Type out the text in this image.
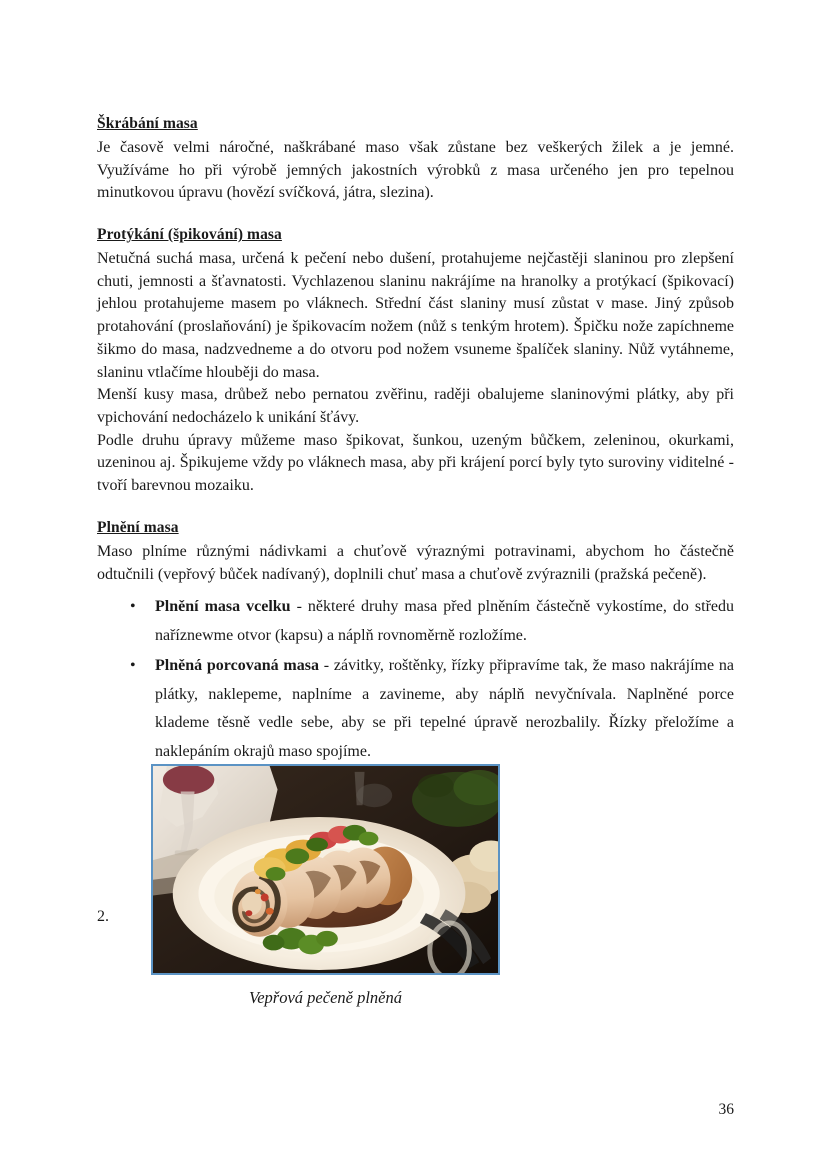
Škrábání masa

Je časově velmi náročné, naškrábané maso však zůstane bez veškerých žilek a je jemné. Využíváme ho při výrobě jemných jakostních výrobků z masa určeného jen pro tepelnou minutkovou úpravu (hovězí svíčková, játra, slezina).

Protýkání (špikování) masa

Netučná suchá masa, určená k pečení nebo dušení, protahujeme nejčastěji slaninou pro zlepšení chuti, jemnosti a šťavnatosti. Vychlazenou slaninu nakrájíme na hranolky a protýkací (špikovací) jehlou protahujeme masem po vláknech. Střední část slaniny musí zůstat v mase. Jiný způsob protahování (proslaňování) je špikovacím nožem (nůž s tenkým hrotem). Špičku nože zapíchneme šikmo do masa, nadzvedneme a do otvoru pod nožem vsuneme špalíček slaniny. Nůž vytáhneme, slaninu vtlačíme hlouběji do masa.

Menší kusy masa, drůbež nebo pernatou zvěřinu, raději obalujeme slaninovými plátky, aby při vpichování nedocházelo k unikání šťávy.

Podle druhu úpravy můžeme maso špikovat, šunkou, uzeným bůčkem, zeleninou, okurkami, uzeninou aj. Špikujeme vždy po vláknech masa, aby při krájení porcí byly tyto suroviny viditelné - tvoří barevnou mozaiku.

Plnění masa

Maso plníme různými nádivkami a chuťově výraznými potravinami, abychom ho částečně odtučnili (vepřový bůček nadívaný), doplnili chuť masa a chuťově zvýraznili (pražská pečeně).

• Plnění masa vcelku - některé druhy masa před plněním částečně vykostíme, do středu naříznewme otvor (kapsu) a náplň rovnoměrně rozložíme.
• Plněná porcovaná masa - závitky, roštěnky, řízky připravíme tak, že maso nakrájíme na plátky, naklepeme, naplníme a zavineme, aby náplň nevyčnívala. Naplněné porce klademe těsně vedle sebe, aby se při tepelné úpravě nerozbalily. Řízky přeložíme a naklepáním okrajů maso spojíme.
2.
Vepřová pečeně plněná
36
